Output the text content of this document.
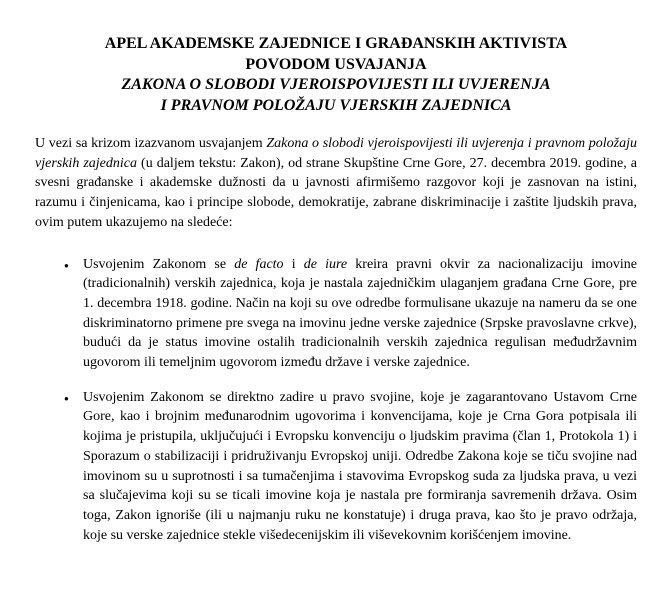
APEL AKADEMSKE ZAJEDNICE I GRAĐANSKIH AKTIVISTA
POVODOM USVAJANJA
ZAKONA O SLOBODI VJEROISPOVIJESTI ILI UVJERENJA
I PRAVNOM POLOŽAJU VJERSKIH ZAJEDNICA

U vezi sa krizom izazvanom usvajanjem Zakona o slobodi vjeroispovijesti ili uvjerenja i pravnom položaju vjerskih zajednica (u daljem tekstu: Zakon), od strane Skupštine Crne Gore, 27. decembra 2019. godine, a svesni građanske i akademske dužnosti da u javnosti afirmišemo razgovor koji je zasnovan na istini, razumu i činjenicama, kao i principe slobode, demokratije, zabrane diskriminacije i zaštite ljudskih prava, ovim putem ukazujemo na sledeće:

●	Usvojenim Zakonom se de facto i de iure kreira pravni okvir za nacionalizaciju imovine (tradicionalnih) verskih zajednica, koja je nastala zajedničkim ulaganjem građana Crne Gore, pre 1. decembra 1918. godine. Način na koji su ove odredbe formulisane ukazuje na nameru da se one diskriminatorno primene pre svega na imovinu jedne verske zajednice (Srpske pravoslavne crkve), budući da je status imovine ostalih tradicionalnih verskih zajednica regulisan međudržavnim ugovorom ili temeljnim ugovorom između države i verske zajednice.
●	Usvojenim Zakonom se direktno zadire u pravo svojine, koje je zagarantovano Ustavom Crne Gore, kao i brojnim međunarodnim ugovorima i konvencijama, koje je Crna Gora potpisala ili kojima je pristupila, uključujući i Evropsku konvenciju o ljudskim pravima (član 1, Protokola 1) i Sporazum o stabilizaciji i pridruživanju Evropskoj uniji. Odredbe Zakona koje se tiču svojine nad imovinom su u suprotnosti i sa tumačenjima i stavovima Evropskog suda za ljudska prava, u vezi sa slučajevima koji su se ticali imovine koja je nastala pre formiranja savremenih država. Osim toga, Zakon ignoriše (ili u najmanju ruku ne konstatuje) i druga prava, kao što je pravo održaja, koje su verske zajednice stekle višedecenijskim ili viševekovnim korišćenjem imovine.
